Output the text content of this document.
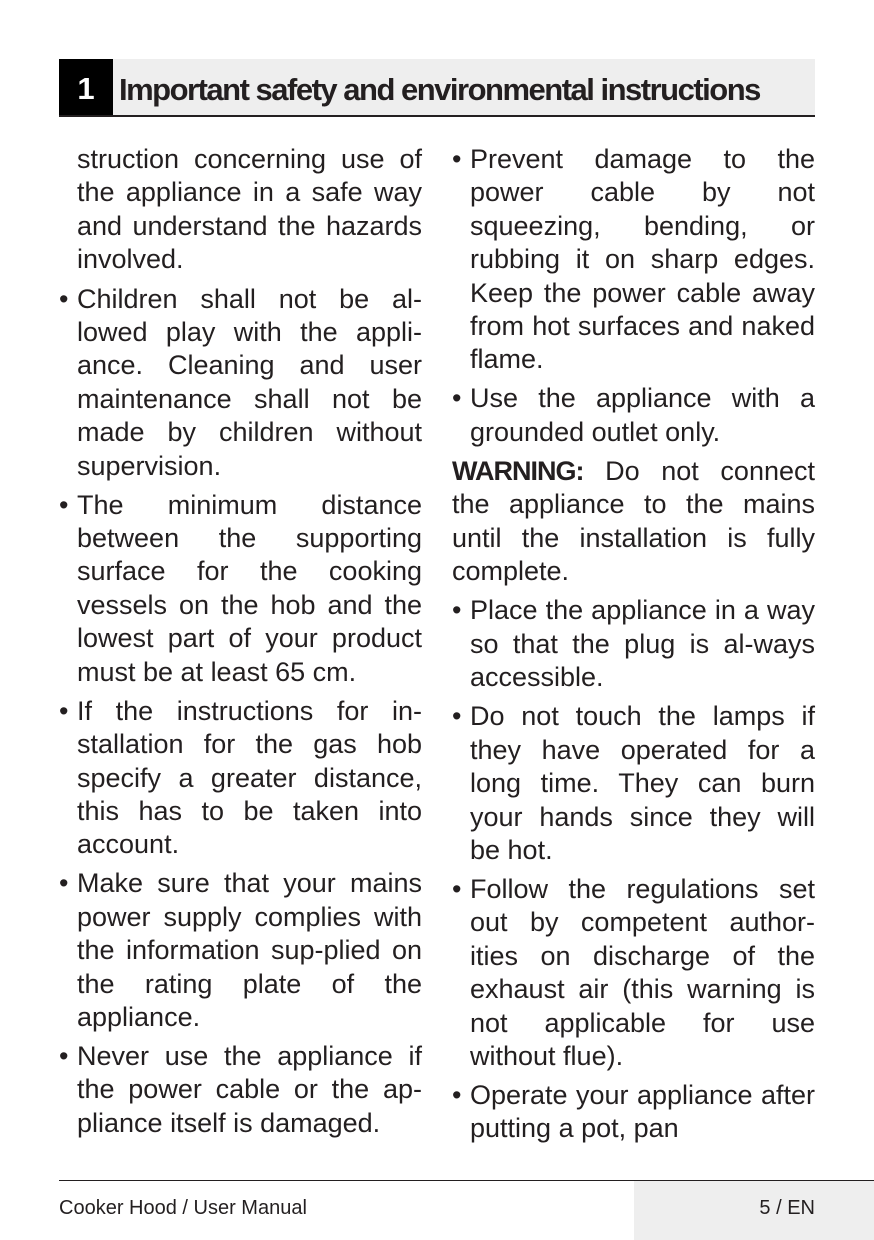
1 Important safety and environmental instructions

struction concerning use of the appliance in a safe way and understand the hazards involved.

• Children shall not be al-lowed play with the appli-ance. Cleaning and user maintenance shall not be made by children without supervision.
• The minimum distance between the supporting surface for the cooking vessels on the hob and the lowest part of your product must be at least 65 cm.
• If the instructions for in-stallation for the gas hob specify a greater distance, this has to be taken into account.
• Make sure that your mains power supply complies with the information sup-plied on the rating plate of the appliance.
• Never use the appliance if the power cable or the ap-pliance itself is damaged.
• Prevent damage to the power cable by not squeezing, bending, or rubbing it on sharp edges. Keep the power cable away from hot surfaces and naked flame.
• Use the appliance with a grounded outlet only.

WARNING: Do not connect the appliance to the mains until the installation is fully complete.

• Place the appliance in a way so that the plug is al-ways accessible.
• Do not touch the lamps if they have operated for a long time. They can burn your hands since they will be hot.
• Follow the regulations set out by competent author-ities on discharge of the exhaust air (this warning is not applicable for use without flue).
• Operate your appliance after putting a pot, pan
Cooker Hood / User Manual	5 / EN
